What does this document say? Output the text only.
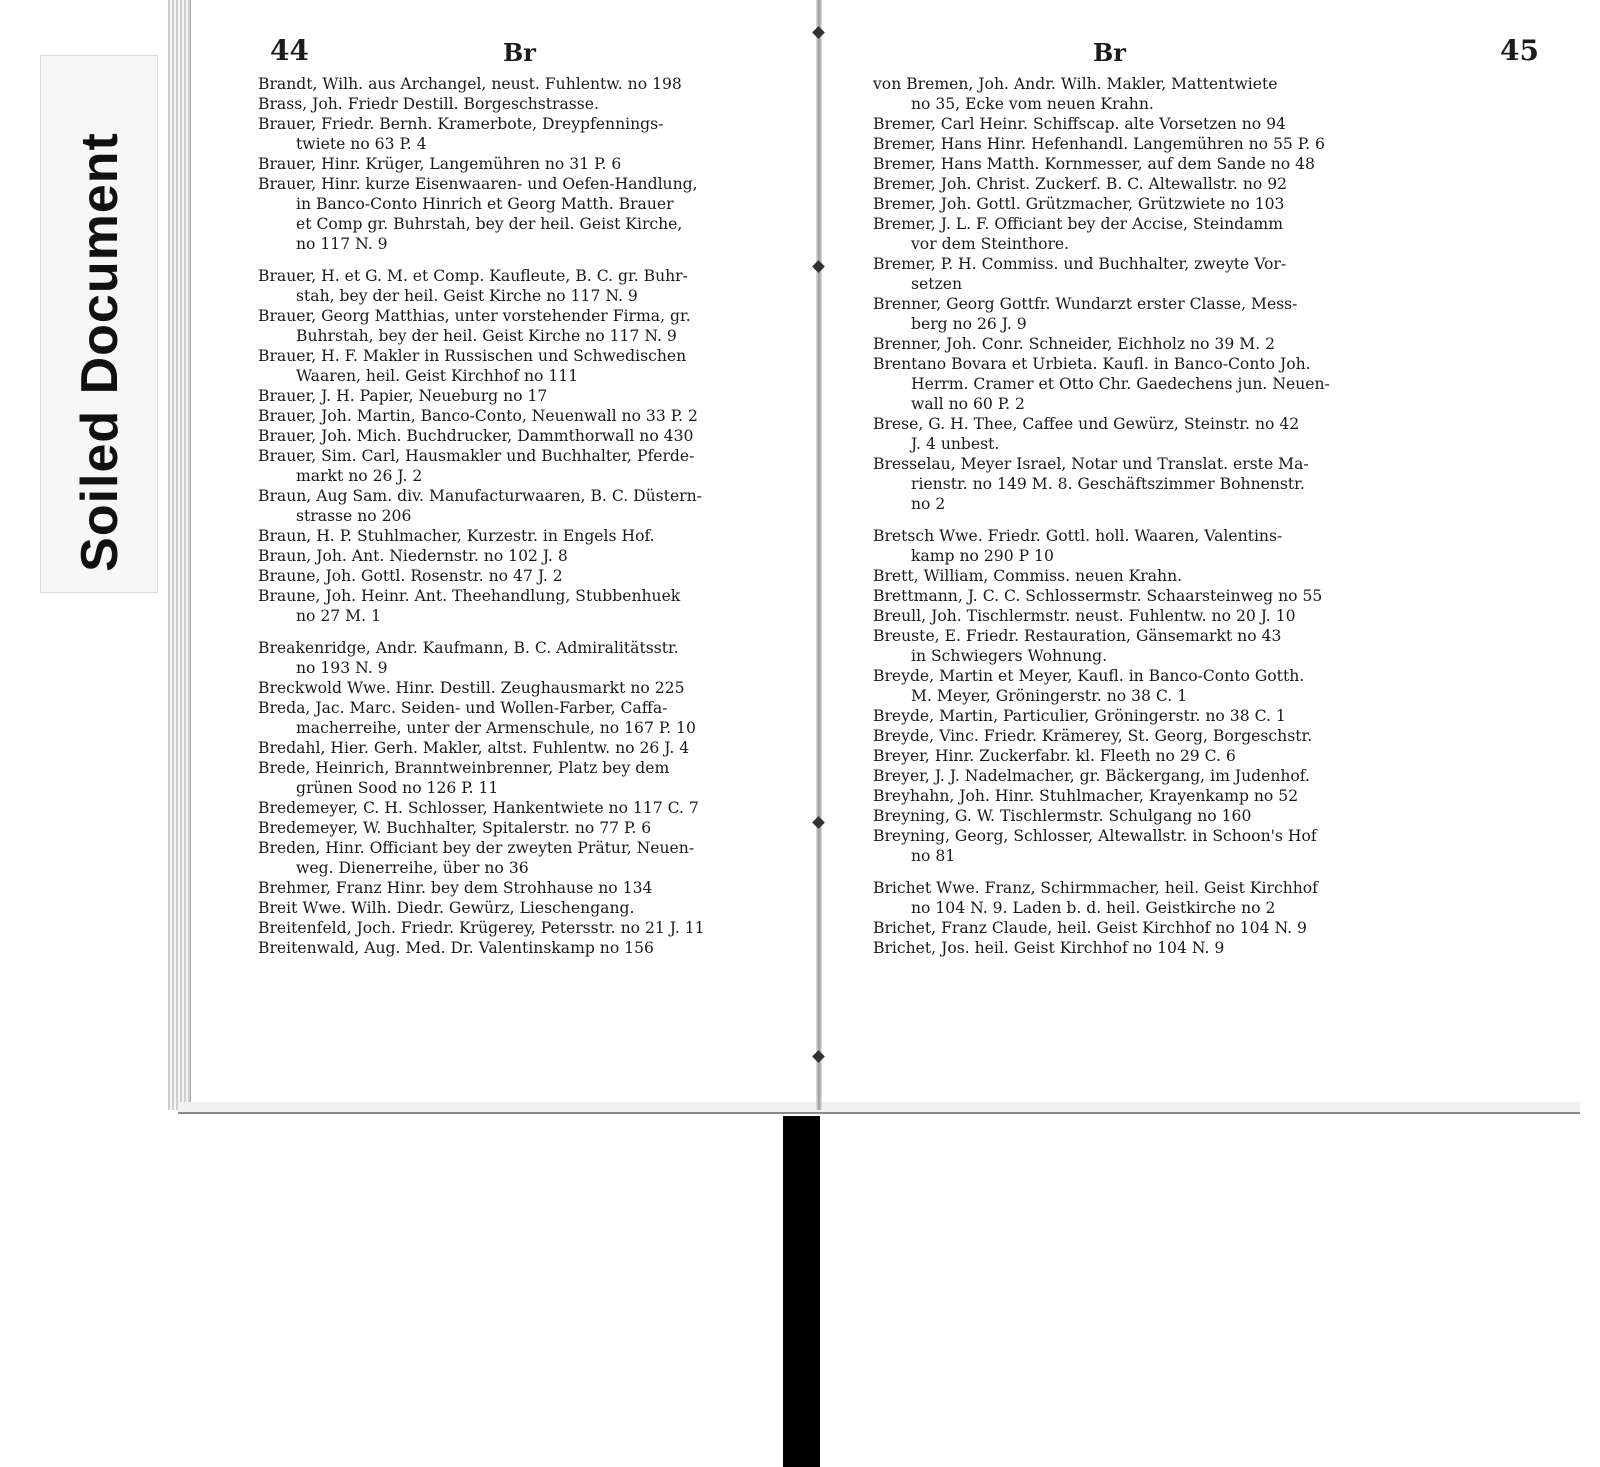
Soiled Document
44	Br
Brandt, Wilh. aus Archangel, neust. Fuhlentw. no 198
Brass, Joh. Friedr Destill. Borgeschstrasse.
Brauer, Friedr. Bernh. Kramerbote, Dreypfennings-
twiete no 63 P. 4
Brauer, Hinr. Krüger, Langemühren no 31 P. 6
Brauer, Hinr. kurze Eisenwaaren- und Oefen-Handlung,
in Banco-Conto Hinrich et Georg Matth. Brauer
et Comp gr. Buhrstah, bey der heil. Geist Kirche,
no 117 N. 9
Brauer, H. et G. M. et Comp. Kaufleute, B. C. gr. Buhr-
stah, bey der heil. Geist Kirche no 117 N. 9
Brauer, Georg Matthias, unter vorstehender Firma, gr.
Buhrstah, bey der heil. Geist Kirche no 117 N. 9
Brauer, H. F. Makler in Russischen und Schwedischen
Waaren, heil. Geist Kirchhof no 111
Brauer, J. H. Papier, Neueburg no 17
Brauer, Joh. Martin, Banco-Conto, Neuenwall no 33 P. 2
Brauer, Joh. Mich. Buchdrucker, Dammthorwall no 430
Brauer, Sim. Carl, Hausmakler und Buchhalter, Pferde-
markt no 26 J. 2
Braun, Aug Sam. div. Manufacturwaaren, B. C. Düstern-
strasse no 206
Braun, H. P. Stuhlmacher, Kurzestr. in Engels Hof.
Braun, Joh. Ant. Niedernstr. no 102 J. 8
Braune, Joh. Gottl. Rosenstr. no 47 J. 2
Braune, Joh. Heinr. Ant. Theehandlung, Stubbenhuek
no 27 M. 1
Breakenridge, Andr. Kaufmann, B. C. Admiralitätsstr.
no 193 N. 9
Breckwold Wwe. Hinr. Destill. Zeughausmarkt no 225
Breda, Jac. Marc. Seiden- und Wollen-Farber, Caffa-
macherreihe, unter der Armenschule, no 167 P. 10
Bredahl, Hier. Gerh. Makler, altst. Fuhlentw. no 26 J. 4
Brede, Heinrich, Branntweinbrenner, Platz bey dem
grünen Sood no 126 P. 11
Bredemeyer, C. H. Schlosser, Hankentwiete no 117 C. 7
Bredemeyer, W. Buchhalter, Spitalerstr. no 77 P. 6
Breden, Hinr. Officiant bey der zweyten Prätur, Neuen-
weg. Dienerreihe, über no 36
Brehmer, Franz Hinr. bey dem Strohhause no 134
Breit Wwe. Wilh. Diedr. Gewürz, Lieschengang.
Breitenfeld, Joch. Friedr. Krügerey, Petersstr. no 21 J. 11
Breitenwald, Aug. Med. Dr. Valentinskamp no 156
Br	45
von Bremen, Joh. Andr. Wilh. Makler, Mattentwiete
no 35, Ecke vom neuen Krahn.
Bremer, Carl Heinr. Schiffscap. alte Vorsetzen no 94
Bremer, Hans Hinr. Hefenhandl. Langemühren no 55 P. 6
Bremer, Hans Matth. Kornmesser, auf dem Sande no 48
Bremer, Joh. Christ. Zuckerf. B. C. Altewallstr. no 92
Bremer, Joh. Gottl. Grützmacher, Grützwiete no 103
Bremer, J. L. F. Officiant bey der Accise, Steindamm
vor dem Steinthore.
Bremer, P. H. Commiss. und Buchhalter, zweyte Vor-
setzen
Brenner, Georg Gottfr. Wundarzt erster Classe, Mess-
berg no 26 J. 9
Brenner, Joh. Conr. Schneider, Eichholz no 39 M. 2
Brentano Bovara et Urbieta. Kaufl. in Banco-Conto Joh.
Herrm. Cramer et Otto Chr. Gaedechens jun. Neuen-
wall no 60 P. 2
Brese, G. H. Thee, Caffee und Gewürz, Steinstr. no 42
J. 4 unbest.
Bresselau, Meyer Israel, Notar und Translat. erste Ma-
rienstr. no 149 M. 8. Geschäftszimmer Bohnenstr.
no 2
Bretsch Wwe. Friedr. Gottl. holl. Waaren, Valentins-
kamp no 290 P 10
Brett, William, Commiss. neuen Krahn.
Brettmann, J. C. C. Schlossermstr. Schaarsteinweg no 55
Breull, Joh. Tischlermstr. neust. Fuhlentw. no 20 J. 10
Breuste, E. Friedr. Restauration, Gänsemarkt no 43
in Schwiegers Wohnung.
Breyde, Martin et Meyer, Kaufl. in Banco-Conto Gotth.
M. Meyer, Gröningerstr. no 38 C. 1
Breyde, Martin, Particulier, Gröningerstr. no 38 C. 1
Breyde, Vinc. Friedr. Krämerey, St. Georg, Borgeschstr.
Breyer, Hinr. Zuckerfabr. kl. Fleeth no 29 C. 6
Breyer, J. J. Nadelmacher, gr. Bäckergang, im Judenhof.
Breyhahn, Joh. Hinr. Stuhlmacher, Krayenkamp no 52
Breyning, G. W. Tischlermstr. Schulgang no 160
Breyning, Georg, Schlosser, Altewallstr. in Schoon's Hof
no 81
Brichet Wwe. Franz, Schirmmacher, heil. Geist Kirchhof
no 104 N. 9. Laden b. d. heil. Geistkirche no 2
Brichet, Franz Claude, heil. Geist Kirchhof no 104 N. 9
Brichet, Jos. heil. Geist Kirchhof no 104 N. 9
